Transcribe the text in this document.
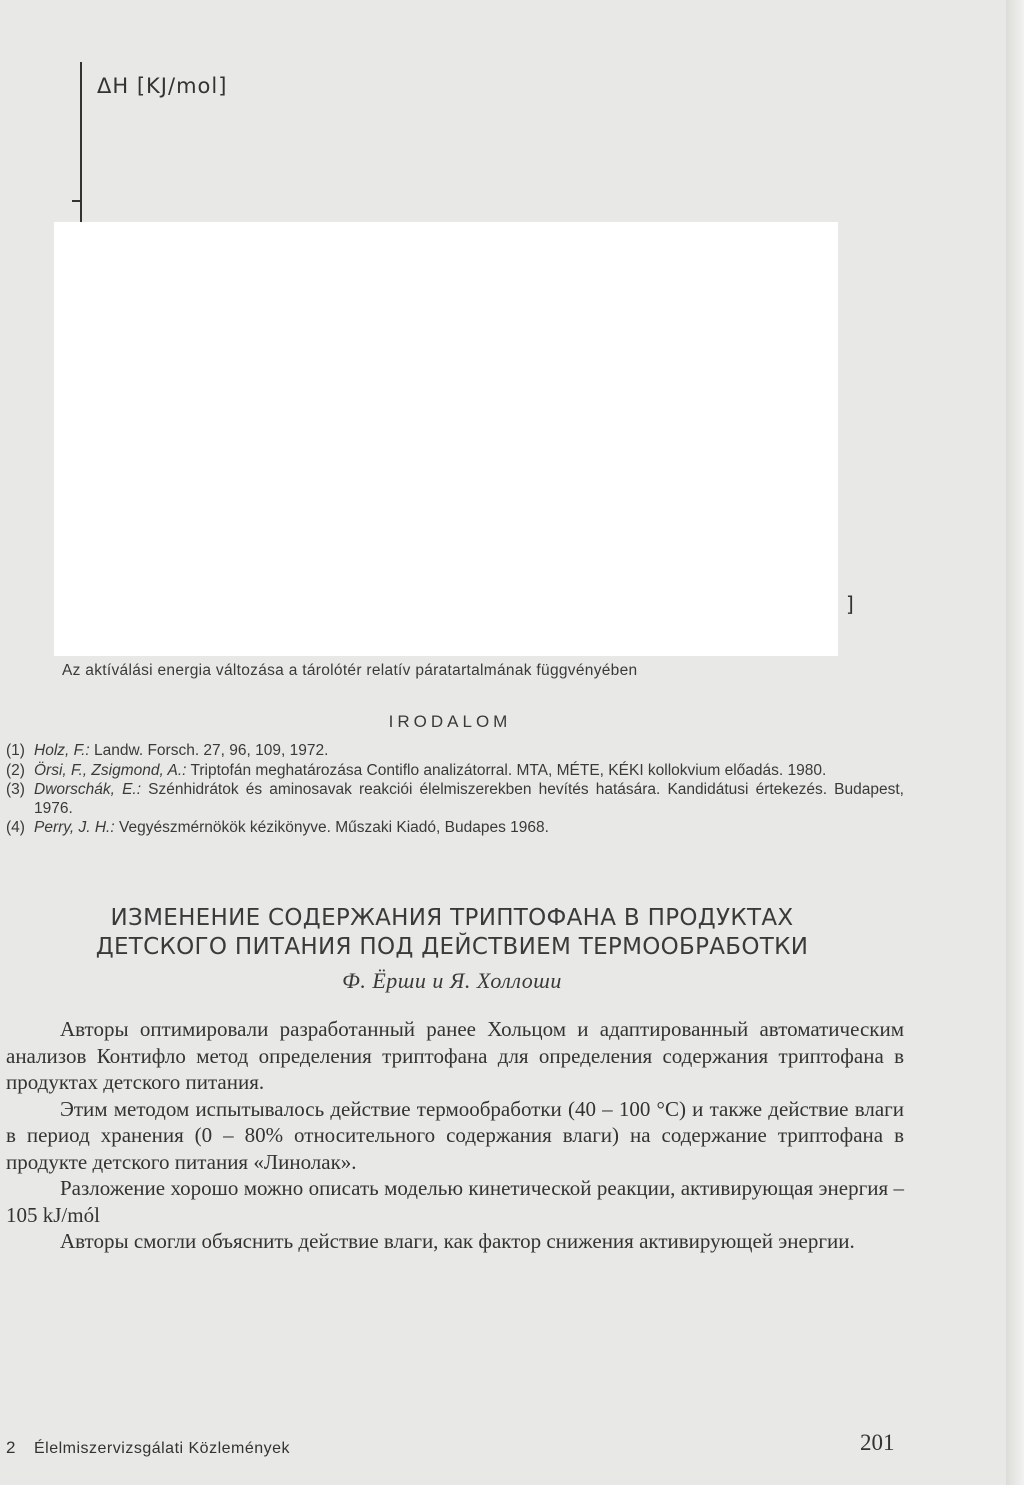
ΔH [KJ/mol]
]
Az aktíválási energia változása a tárolótér relatív páratartalmának függvényében
IRODALOM
(1) Holz, F.: Landw. Forsch. 27, 96, 109, 1972.
(2) Örsi, F., Zsigmond, A.: Triptofán meghatározása Contiflo analizátorral. MTA, MÉTE, KÉKI kollokvium előadás. 1980.
(3) Dworschák, E.: Szénhidrátok és aminosavak reakciói élelmiszerekben hevítés hatására. Kandidátusi értekezés. Budapest, 1976.
(4) Perry, J. H.: Vegyészmérnökök kézikönyve. Műszaki Kiadó, Budapes 1968.
ИЗМЕНЕНИЕ СОДЕРЖАНИЯ ТРИПТОФАНА В ПРОДУКТАХ
ДЕТСКОГО ПИТАНИЯ ПОД ДЕЙСТВИЕМ ТЕРМООБРАБОТКИ
Ф. Ёрши и Я. Холлоши

Авторы оптимировали разработанный ранее Хольцом и адаптированный автоматическим анализов Контифло метод определения триптофана для определения содержания триптофана в продуктах детского питания.

Этим методом испытывалось действие термообработки (40 – 100 °С) и также действие влаги в период хранения (0 – 80% относительного содержания влаги) на содержание триптофана в продукте детского питания «Линолак».

Разложение хорошо можно описать моделью кинетической реакции, активирующая энергия – 105 kJ/mól

Авторы смогли объяснить действие влаги, как фактор снижения активирующей энергии.

2 Élelmiszervizsgálati Közlemények	201
